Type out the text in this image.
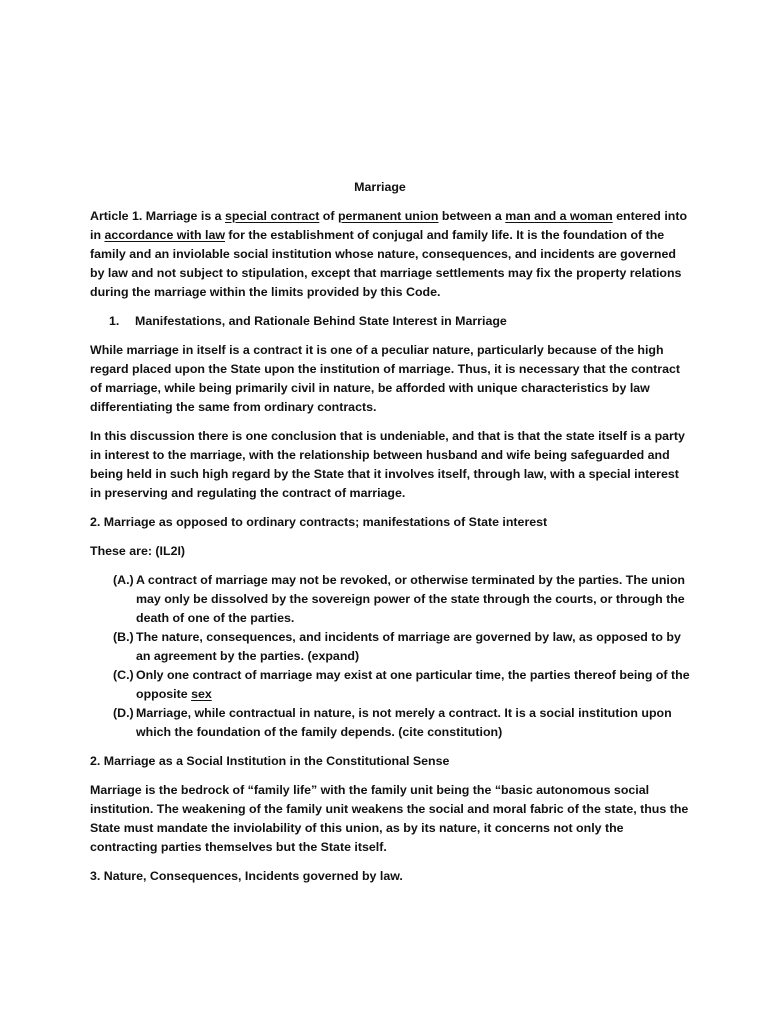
Marriage

Article 1. Marriage is a special contract of permanent union between a man and a woman entered into in accordance with law for the establishment of conjugal and family life. It is the foundation of the family and an inviolable social institution whose nature, consequences, and incidents are governed by law and not subject to stipulation, except that marriage settlements may fix the property relations during the marriage within the limits provided by this Code.

1.	Manifestations, and Rationale Behind State Interest in Marriage

While marriage in itself is a contract it is one of a peculiar nature, particularly because of the high regard placed upon the State upon the institution of marriage. Thus, it is necessary that the contract of marriage, while being primarily civil in nature, be afforded with unique characteristics by law differentiating the same from ordinary contracts.

In this discussion there is one conclusion that is undeniable, and that is that the state itself is a party in interest to the marriage, with the relationship between husband and wife being safeguarded and being held in such high regard by the State that it involves itself, through law, with a special interest in preserving and regulating the contract of marriage.

2. Marriage as opposed to ordinary contracts; manifestations of State interest

These are: (IL2I)

(A.) A contract of marriage may not be revoked, or otherwise terminated by the parties. The union may only be dissolved by the sovereign power of the state through the courts, or through the death of one of the parties.
(B.) The nature, consequences, and incidents of marriage are governed by law, as opposed to by an agreement by the parties. (expand)
(C.) Only one contract of marriage may exist at one particular time, the parties thereof being of the opposite sex
(D.) Marriage, while contractual in nature, is not merely a contract. It is a social institution upon which the foundation of the family depends. (cite constitution)

2. Marriage as a Social Institution in the Constitutional Sense

Marriage is the bedrock of “family life” with the family unit being the “basic autonomous social institution. The weakening of the family unit weakens the social and moral fabric of the state, thus the State must mandate the inviolability of this union, as by its nature, it concerns not only the contracting parties themselves but the State itself.

3. Nature, Consequences, Incidents governed by law.
